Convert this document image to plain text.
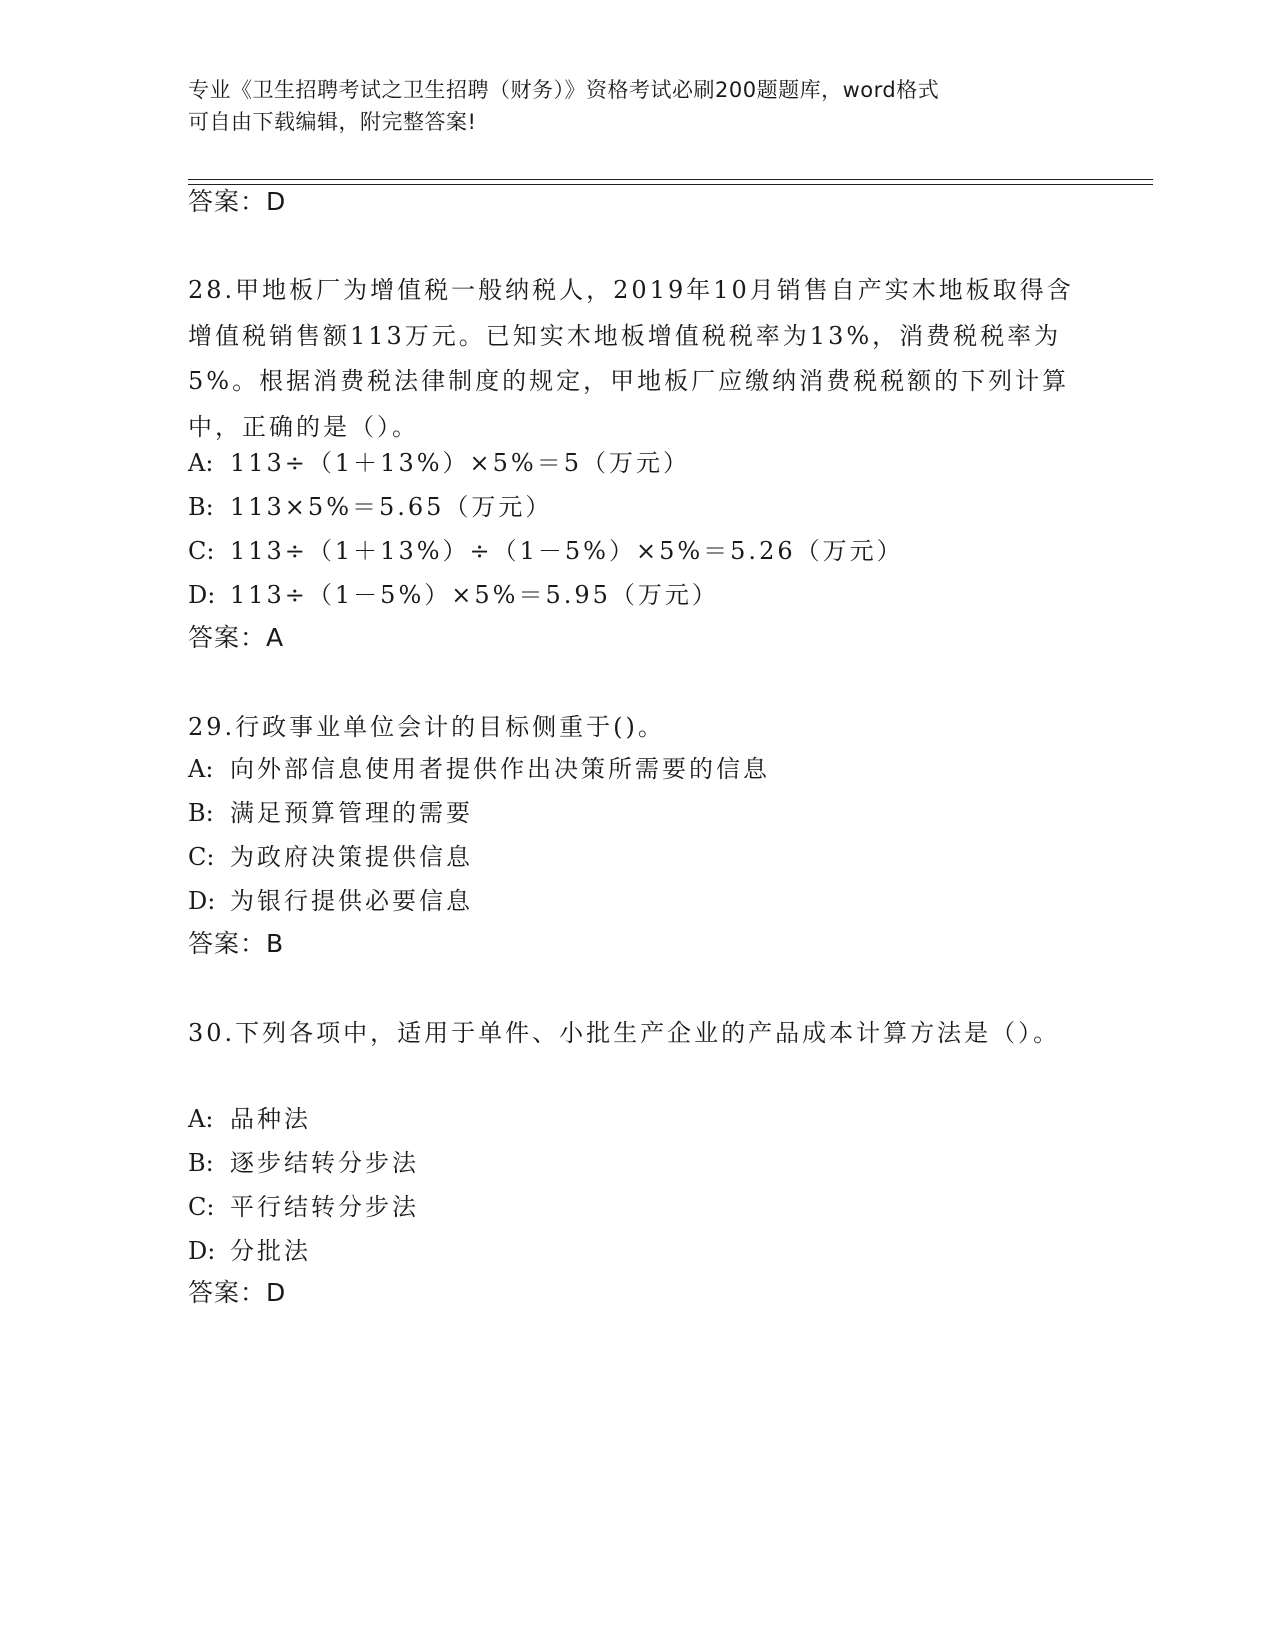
专业《卫生招聘考试之卫生招聘（财务）》资格考试必刷200题题库，word格式
可自由下载编辑，附完整答案!
答案：D
28.甲地板厂为增值税一般纳税人，2019年10月销售自产实木地板取得含增值税销售额113万元。已知实木地板增值税税率为13%，消费税税率为5%。根据消费税法律制度的规定，甲地板厂应缴纳消费税税额的下列计算中，正确的是（）。
A: 113÷（1＋13%）×5%＝5（万元）
B: 113×5%＝5.65（万元）
C: 113÷（1＋13%）÷（1－5%）×5%＝5.26（万元）
D: 113÷（1－5%）×5%＝5.95（万元）
答案：A
29.行政事业单位会计的目标侧重于()。
A: 向外部信息使用者提供作出决策所需要的信息
B: 满足预算管理的需要
C: 为政府决策提供信息
D: 为银行提供必要信息
答案：B
30.下列各项中，适用于单件、小批生产企业的产品成本计算方法是（）。
A: 品种法
B: 逐步结转分步法
C: 平行结转分步法
D: 分批法
答案：D
